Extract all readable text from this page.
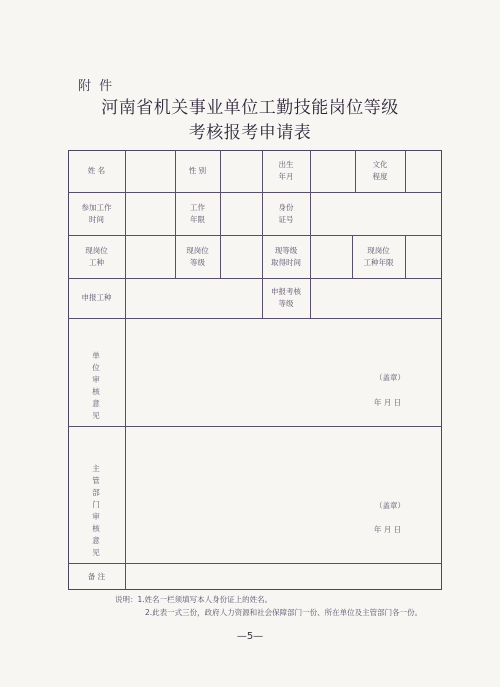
附 件
河南省机关事业单位工勤技能岗位等级
考核报考申请表
姓 名	性 别
出生
年月
文化
程度
参加工作
时间
工作
年限
身份
证号
现岗位
工种
现岗位
等级
现等级
取得时间
现岗位
工种年限
申报工种
申报考核
等级
单
位
审
核
意
见
（盖章）
年 月 日
主
管
部
门
审
核
意
见
（盖章）
年 月 日
备 注
说明：1.姓名一栏须填写本人身份证上的姓名。
2.此表一式三份，政府人力资源和社会保障部门一份、所在单位及主管部门各一份。
—5—
